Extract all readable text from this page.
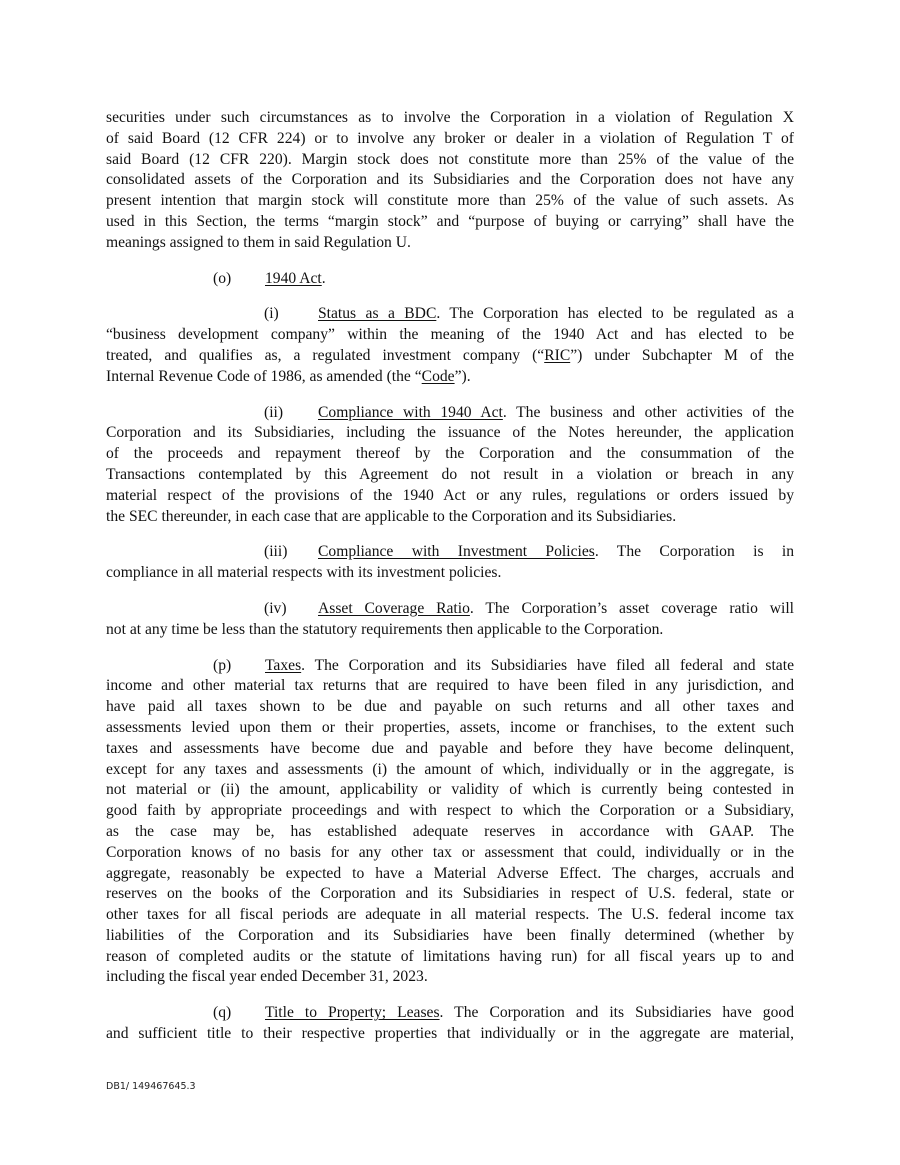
securities under such circumstances as to involve the Corporation in a violation of Regulation X
of said Board (12 CFR 224) or to involve any broker or dealer in a violation of Regulation T of
said Board (12 CFR 220). Margin stock does not constitute more than 25% of the value of the
consolidated assets of the Corporation and its Subsidiaries and the Corporation does not have any
present intention that margin stock will constitute more than 25% of the value of such assets. As
used in this Section, the terms “margin stock” and “purpose of buying or carrying” shall have the
meanings assigned to them in said Regulation U.
(o) 1940 Act.
(i)	Status as a BDC. The Corporation has elected to be regulated as a
“business development company” within the meaning of the 1940 Act and has elected to be
treated, and qualifies as, a regulated investment company (“RIC”) under Subchapter M of the
Internal Revenue Code of 1986, as amended (the “Code”).
(ii) Compliance with 1940 Act. The business and other activities of the
Corporation and its Subsidiaries, including the issuance of the Notes hereunder, the application
of the proceeds and repayment thereof by the Corporation and the consummation of the
Transactions contemplated by this Agreement do not result in a violation or breach in any
material respect of the provisions of the 1940 Act or any rules, regulations or orders issued by
the SEC thereunder, in each case that are applicable to the Corporation and its Subsidiaries.
(iii) Compliance with Investment Policies. The Corporation is in
compliance in all material respects with its investment policies.
(iv) Asset Coverage Ratio. The Corporation’s asset coverage ratio will
not at any time be less than the statutory requirements then applicable to the Corporation.
(p) Taxes. The Corporation and its Subsidiaries have filed all federal and state
income and other material tax returns that are required to have been filed in any jurisdiction, and
have paid all taxes shown to be due and payable on such returns and all other taxes and
assessments levied upon them or their properties, assets, income or franchises, to the extent such
taxes and assessments have become due and payable and before they have become delinquent,
except for any taxes and assessments (i) the amount of which, individually or in the aggregate, is
not material or (ii) the amount, applicability or validity of which is currently being contested in
good faith by appropriate proceedings and with respect to which the Corporation or a Subsidiary,
as the case may be, has established adequate reserves in accordance with GAAP. The
Corporation knows of no basis for any other tax or assessment that could, individually or in the
aggregate, reasonably be expected to have a Material Adverse Effect. The charges, accruals and
reserves on the books of the Corporation and its Subsidiaries in respect of U.S. federal, state or
other taxes for all fiscal periods are adequate in all material respects. The U.S. federal income tax
liabilities of the Corporation and its Subsidiaries have been finally determined (whether by
reason of completed audits or the statute of limitations having run) for all fiscal years up to and
including the fiscal year ended December 31, 2023.
(q) Title to Property; Leases. The Corporation and its Subsidiaries have good
and sufficient title to their respective properties that individually or in the aggregate are material,
DB1/ 149467645.3
